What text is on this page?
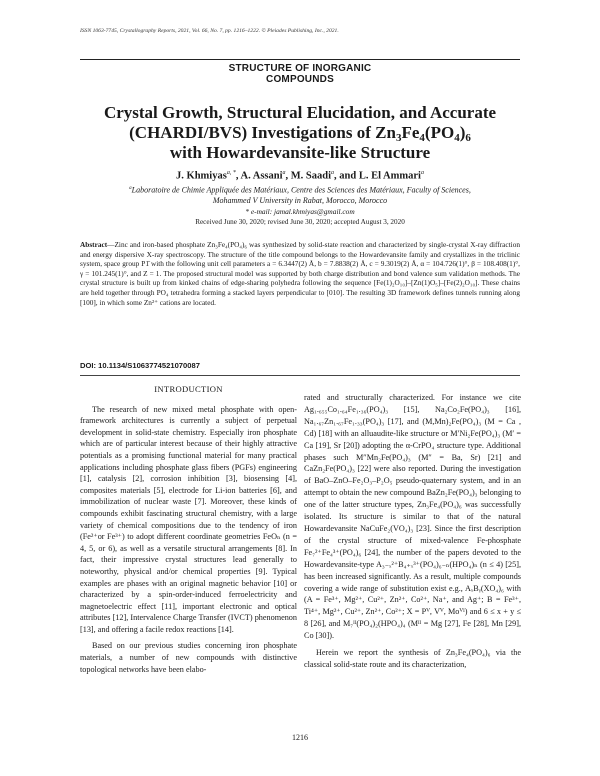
ISSN 1063-7745, Crystallography Reports, 2021, Vol. 66, No. 7, pp. 1216–1222. © Pleiades Publishing, Inc., 2021.
STRUCTURE OF INORGANIC
COMPOUNDS
Crystal Growth, Structural Elucidation, and Accurate
(CHARDI/BVS) Investigations of $Zn_3Fe_4(PO_4)_6$
with Howardevansite-like Structure
J. Khmiyas$^{a, *}$, A. Assani$^a$, M. Saadi$^a$, and L. El Ammari$^a$
$^a$Laboratoire de Chimie Appliquée des Matériaux, Centre des Sciences des Matériaux, Faculty of Sciences,
Mohammed V University in Rabat, Morocco, Morocco
* e-mail: jamal.khmiyas@gmail.com
Received June 30, 2020; revised June 30, 2020; accepted August 3, 2020
Abstract—Zinc and iron-based phosphate Zn₃Fe₄(PO₄)₆ was synthesized by solid-state reaction and characterized by single-crystal X-ray diffraction and energy dispersive X-ray spectroscopy. The structure of the title compound belongs to the Howardevansite family and crystallizes in the triclinic system, space group P1̄ with the following unit cell parameters a = 6.3447(2) Å, b = 7.8838(2) Å, c = 9.3019(2) Å, α = 104.726(1)°, β = 108.408(1)°, γ = 101.245(1)°, and Z = 1. The proposed structural model was supported by both charge distribution and bond valence sum validation methods. The crystal structure is built up from kinked chains of edge-sharing polyhedra following the sequence [Fe(1)₂O₁₀]–[Zn(1)O₅]–[Fe(2)₂O₁₀]. These chains are held together through PO₄ tetrahedra forming a stacked layers perpendicular to [010]. The resulting 3D framework defines tunnels running along [100], in which some Zn²⁺ cations are located.
DOI: 10.1134/S1063774521070087
INTRODUCTION

The research of new mixed metal phosphate with open-framework architectures is currently a subject of perpetual development in solid-state chemistry. Especially iron phosphate which are of particular interest because of their highly attractive potentials as a promising functional material for many practical applications including phosphate glass fibers (PGFs) engineering [1], catalysis [2], corrosion inhibition [3], biosensing [4], composites materials [5], electrode for Li-ion batteries [6], and immobilization of nuclear waste [7]. Moreover, these kinds of compounds exhibit fascinating structural chemistry, with a large variety of chemical compositions due to the tendency of iron (Fe²⁺or Fe³⁺) to adopt different coordinate geometries FeOₙ (n = 4, 5, or 6), as well as a versatile structural arrangements [8]. In fact, their impressive crystal structures lead generally to noteworthy, physical and/or chemical properties [9]. Typical examples are phases with an original magnetic behavior [10] or characterized by a spin-order-induced ferroelectricity and magnetoelectric effect [11], important electronic and optical attributes [12], Intervalence Charge Transfer (IVCT) phenomenon [13], and offering a facile redox reactions [14].

Based on our previous studies concerning iron phosphate materials, a number of new compounds with distinctive topological networks have been elabo-

rated and structurally characterized. For instance we cite Ag₁.₆₅₅Co₁.₆₄Fe₁.₃₆(PO₄)₃ [15], Na₂Co₂Fe(PO₄)₃ [16], Na₁.₆₇Zn₁.₆₇Fe₁.₃₃(PO₄)₃ [17], and (M,Mn)₂Fe(PO₄)₃ (M = Ca , Cd) [18] with an alluaudite-like structure or M′Ni₂Fe(PO₄)₃ (M′ = Ca [19], Sr [20]) adopting the α-CrPO₄ structure type. Additional phases such M″Mn₂Fe(PO₄)₃ (M″ = Ba, Sr) [21] and CaZn₂Fe(PO₄)₃ [22] were also reported. During the investigation of BaO–ZnO–Fe₂O₃–P₂O₅ pseudo-quaternary system, and in an attempt to obtain the new compound BaZn₂Fe(PO₄)₃ belonging to one of the latter structure types, Zn₃Fe₄(PO₄)₆ was successfully isolated. Its structure is similar to that of the natural Howardevansite NaCuFe₂(VO₄)₃ [23]. Since the first description of the crystal structure of mixed-valence Fe-phosphate Fe₇²⁺Fe₄³⁺(PO₄)₆ [24], the number of the papers devoted to the Howardevansite-type A₃₋ₓ²⁺B₄₊ₓ³⁺(PO₄)₆₋ₙ(HPO₄)ₙ (n ≤ 4) [25], has been increased significantly. As a result, multiple compounds covering a wide range of substitution exist e.g., AₓBᵧ(XO₄)₆ with (A = Fe³⁺, Mg²⁺, Cu²⁺, Zn²⁺, Co²⁺, Na⁺, and Ag⁺; B = Fe³⁺, Ti⁴⁺, Mg²⁺, Cu²⁺, Zn²⁺, Co²⁺; X = Pⱽ, Vⱽ, Moⱽᴵ) and 6 ≤ x + y ≤ 8 [26], and M₇ᴵᴵ(PO₄)₂(HPO₄)₄ (Mᴵᴵ = Mg [27], Fe [28], Mn [29], Co [30]).

Herein we report the synthesis of Zn₃Fe₄(PO₄)₆ via the classical solid-state route and its characterization,

1216
